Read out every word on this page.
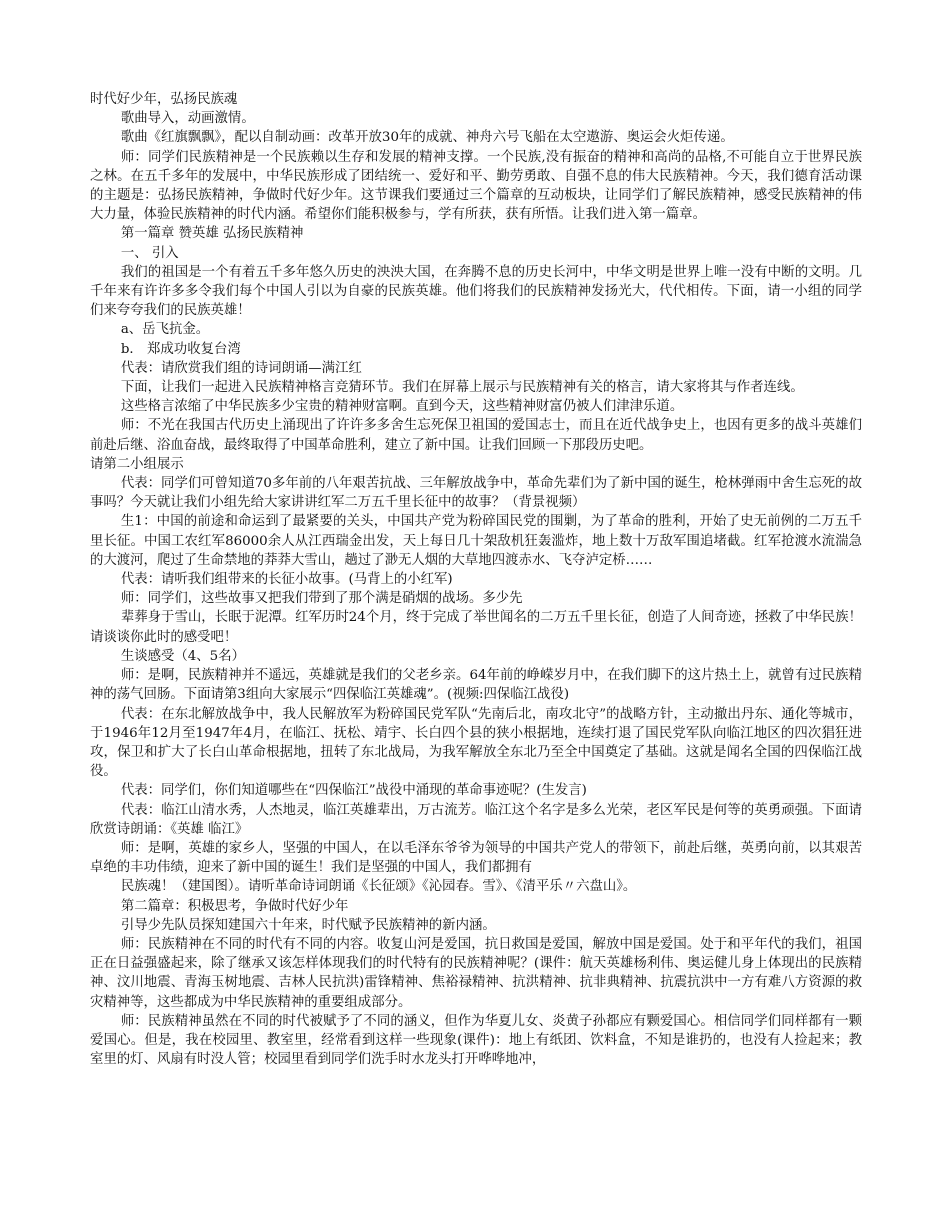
时代好少年，弘扬民族魂
歌曲导入，动画激情。
歌曲《红旗飘飘》，配以自制动画：改革开放30年的成就、神舟六号飞船在太空遨游、奥运会火炬传递。
师：同学们民族精神是一个民族赖以生存和发展的精神支撑。一个民族,没有振奋的精神和高尚的品格,不可能自立于世界民族之林。在五千多年的发展中，中华民族形成了团结统一、爱好和平、勤劳勇敢、自强不息的伟大民族精神。今天，我们德育活动课的主题是：弘扬民族精神，争做时代好少年。这节课我们要通过三个篇章的互动板块，让同学们了解民族精神，感受民族精神的伟大力量，体验民族精神的时代内涵。希望你们能积极参与，学有所获，获有所悟。让我们进入第一篇章。
第一篇章 赞英雄 弘扬民族精神
一、 引入
我们的祖国是一个有着五千多年悠久历史的泱泱大国，在奔腾不息的历史长河中，中华文明是世界上唯一没有中断的文明。几千年来有许许多多令我们每个中国人引以为自豪的民族英雄。他们将我们的民族精神发扬光大，代代相传。下面，请一小组的同学们来夸夸我们的民族英雄！
a、岳飞抗金。
b． 郑成功收复台湾
代表：请欣赏我们组的诗词朗诵—满江红
下面，让我们一起进入民族精神格言竞猜环节。我们在屏幕上展示与民族精神有关的格言，请大家将其与作者连线。
这些格言浓缩了中华民族多少宝贵的精神财富啊。直到今天，这些精神财富仍被人们津津乐道。
师：不光在我国古代历史上涌现出了许许多多舍生忘死保卫祖国的爱国志士，而且在近代战争史上，也因有更多的战斗英雄们前赴后继、浴血奋战，最终取得了中国革命胜利，建立了新中国。让我们回顾一下那段历史吧。
请第二小组展示
代表：同学们可曾知道70多年前的八年艰苦抗战、三年解放战争中，革命先辈们为了新中国的诞生，枪林弹雨中舍生忘死的故事吗？今天就让我们小组先给大家讲讲红军二万五千里长征中的故事？（背景视频）
生1：中国的前途和命运到了最紧要的关头，中国共产党为粉碎国民党的围剿，为了革命的胜利，开始了史无前例的二万五千里长征。中国工农红军86000余人从江西瑞金出发，天上每日几十架敌机狂轰滥炸，地上数十万敌军围追堵截。红军抢渡水流湍急的大渡河，爬过了生命禁地的莽莽大雪山，趟过了渺无人烟的大草地四渡赤水、飞夺泸定桥……
代表：请听我们组带来的长征小故事。(马背上的小红军)
师：同学们，这些故事又把我们带到了那个满是硝烟的战场。多少先
辈葬身于雪山，长眠于泥潭。红军历时24个月，终于完成了举世闻名的二万五千里长征，创造了人间奇迹，拯救了中华民族！请谈谈你此时的感受吧！
生谈感受（4、5名）
师：是啊，民族精神并不遥远，英雄就是我们的父老乡亲。64年前的峥嵘岁月中，在我们脚下的这片热土上，就曾有过民族精神的荡气回肠。下面请第3组向大家展示“四保临江英雄魂”。(视频:四保临江战役)
代表：在东北解放战争中，我人民解放军为粉碎国民党军队“先南后北，南攻北守”的战略方针，主动撤出丹东、通化等城市，于1946年12月至1947年4月，在临江、抚松、靖宇、长白四个县的狭小根据地，连续打退了国民党军队向临江地区的四次猖狂进攻，保卫和扩大了长白山革命根据地，扭转了东北战局，为我军解放全东北乃至全中国奠定了基础。这就是闻名全国的四保临江战役。
代表：同学们，你们知道哪些在“四保临江”战役中涌现的革命事迹呢？(生发言)
代表：临江山清水秀，人杰地灵，临江英雄辈出，万古流芳。临江这个名字是多么光荣，老区军民是何等的英勇顽强。下面请欣赏诗朗诵：《英雄 临江》
师：是啊，英雄的家乡人，坚强的中国人，在以毛泽东爷爷为领导的中国共产党人的带领下，前赴后继，英勇向前，以其艰苦卓绝的丰功伟绩，迎来了新中国的诞生！我们是坚强的中国人，我们都拥有
民族魂！（建国图）。请听革命诗词朗诵《长征颂》《沁园春。雪》、《清平乐〃六盘山》。
第二篇章：积极思考，争做时代好少年
引导少先队员探知建国六十年来，时代赋予民族精神的新内涵。
师：民族精神在不同的时代有不同的内容。收复山河是爱国，抗日救国是爱国，解放中国是爱国。处于和平年代的我们，祖国正在日益强盛起来，除了继承又该怎样体现我们的时代特有的民族精神呢？(课件：航天英雄杨利伟、奥运健儿身上体现出的民族精神、汶川地震、青海玉树地震、吉林人民抗洪)雷锋精神、焦裕禄精神、抗洪精神、抗非典精神、抗震抗洪中一方有难八方资源的救灾精神等，这些都成为中华民族精神的重要组成部分。
师：民族精神虽然在不同的时代被赋予了不同的涵义，但作为华夏儿女、炎黄子孙都应有颗爱国心。相信同学们同样都有一颗爱国心。但是，我在校园里、教室里，经常看到这样一些现象(课件)：地上有纸团、饮料盒，不知是谁扔的，也没有人捡起来；教室里的灯、风扇有时没人管；校园里看到同学们洗手时水龙头打开哗哗地冲，
